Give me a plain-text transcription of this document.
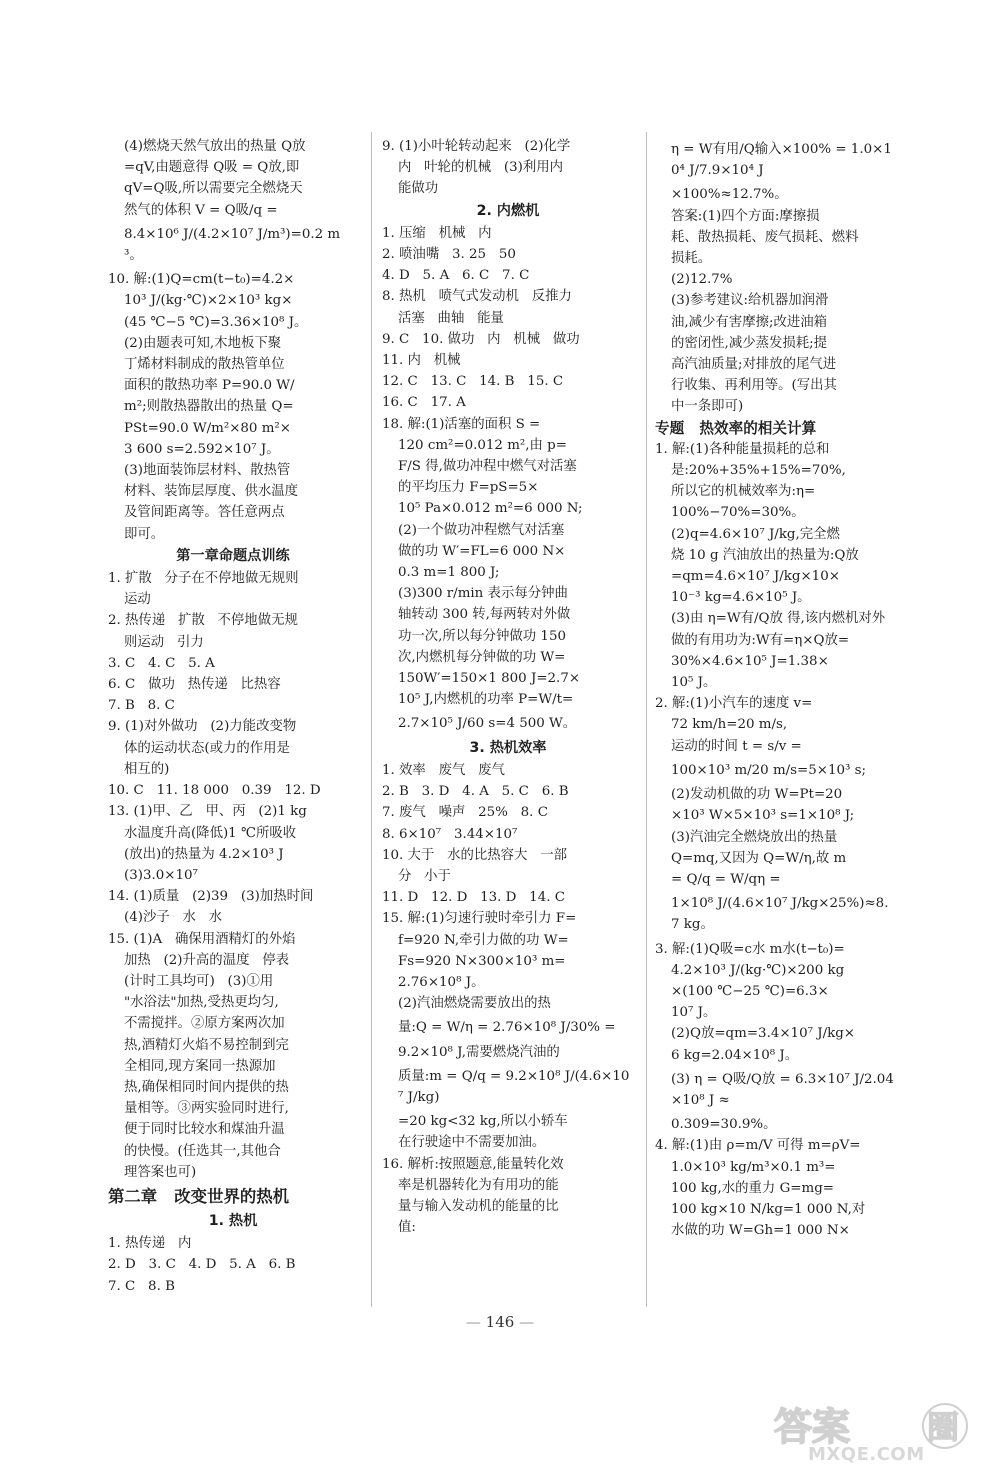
(4)燃烧天然气放出的热量 Q放

=qV,由题意得 Q吸 = Q放,即

qV=Q吸,所以需要完全燃烧天

然气的体积 V = Q吸/q =

8.4×10⁶ J/(4.2×10⁷ J/m³)=0.2 m³。

10. 解:(1)Q=cm(t−t₀)=4.2×

10³ J/(kg·℃)×2×10³ kg×

(45 ℃−5 ℃)=3.36×10⁸ J。

(2)由题表可知,木地板下聚

丁烯材料制成的散热管单位

面积的散热功率 P=90.0 W/

m²;则散热器散出的热量 Q=

PSt=90.0 W/m²×80 m²×

3 600 s=2.592×10⁷ J。

(3)地面装饰层材料、散热管

材料、装饰层厚度、供水温度

及管间距离等。答任意两点

即可。

第一章命题点训练

1. 扩散   分子在不停地做无规则

运动

2. 热传递   扩散   不停地做无规

则运动   引力

3. C   4. C   5. A

6. C   做功   热传递   比热容

7. B   8. C

9. (1)对外做功   (2)力能改变物

体的运动状态(或力的作用是

相互的)

10. C   11. 18 000   0.39   12. D

13. (1)甲、乙   甲、丙   (2)1 kg

水温度升高(降低)1 ℃所吸收

(放出)的热量为 4.2×10³ J

(3)3.0×10⁷

14. (1)质量   (2)39   (3)加热时间

(4)沙子   水   水

15. (1)A   确保用酒精灯的外焰

加热   (2)升高的温度   停表

(计时工具均可)   (3)①用

"水浴法"加热,受热更均匀,

不需搅拌。②原方案两次加

热,酒精灯火焰不易控制到完

全相同,现方案同一热源加

热,确保相同时间内提供的热

量相等。③两实验同时进行,

便于同时比较水和煤油升温

的快慢。(任选其一,其他合

理答案也可)

第二章   改变世界的热机

1. 热机

1. 热传递   内

2. D   3. C   4. D   5. A   6. B

7. C   8. B

9. (1)小叶轮转动起来   (2)化学

内   叶轮的机械   (3)利用内

能做功

2. 内燃机

1. 压缩   机械   内

2. 喷油嘴   3. 25   50

4. D   5. A   6. C   7. C

8. 热机   喷气式发动机   反推力

活塞   曲轴   能量

9. C   10. 做功   内   机械   做功

11. 内   机械

12. C   13. C   14. B   15. C

16. C   17. A

18. 解:(1)活塞的面积 S =

120 cm²=0.012 m²,由 p=

F/S 得,做功冲程中燃气对活塞

的平均压力 F=pS=5×

10⁵ Pa×0.012 m²=6 000 N;

(2)一个做功冲程燃气对活塞

做的功 W′=FL=6 000 N×

0.3 m=1 800 J;

(3)300 r/min 表示每分钟曲

轴转动 300 转,每两转对外做

功一次,所以每分钟做功 150

次,内燃机每分钟做的功 W=

150W′=150×1 800 J=2.7×

10⁵ J,内燃机的功率 P=W/t=

2.7×10⁵ J/60 s=4 500 W。

3. 热机效率

1. 效率   废气   废气

2. B   3. D   4. A   5. C   6. B

7. 废气   噪声   25%   8. C

8. 6×10⁷   3.44×10⁷

10. 大于   水的比热容大   一部

分   小于

11. D   12. D   13. D   14. C

15. 解:(1)匀速行驶时牵引力 F=

f=920 N,牵引力做的功 W=

Fs=920 N×300×10³ m=

2.76×10⁸ J。

(2)汽油燃烧需要放出的热

量:Q = W/η = 2.76×10⁸ J/30% =

9.2×10⁸ J,需要燃烧汽油的

质量:m = Q/q = 9.2×10⁸ J/(4.6×10⁷ J/kg)

=20 kg<32 kg,所以小轿车

在行驶途中不需要加油。

16. 解析:按照题意,能量转化效

率是机器转化为有用功的能

量与输入发动机的能量的比

值:

η = W有用/Q输入×100% = 1.0×10⁴ J/7.9×10⁴ J

×100%≈12.7%。

答案:(1)四个方面:摩擦损

耗、散热损耗、废气损耗、燃料

损耗。

(2)12.7%

(3)参考建议:给机器加润滑

油,减少有害摩擦;改进油箱

的密闭性,减少蒸发损耗;提

高汽油质量;对排放的尾气进

行收集、再利用等。(写出其

中一条即可)

专题   热效率的相关计算

1. 解:(1)各种能量损耗的总和

是:20%+35%+15%=70%,

所以它的机械效率为:η=

100%−70%=30%。

(2)q=4.6×10⁷ J/kg,完全燃

烧 10 g 汽油放出的热量为:Q放

=qm=4.6×10⁷ J/kg×10×

10⁻³ kg=4.6×10⁵ J。

(3)由 η=W有/Q放 得,该内燃机对外

做的有用功为:W有=η×Q放=

30%×4.6×10⁵ J=1.38×

10⁵ J。

2. 解:(1)小汽车的速度 v=

72 km/h=20 m/s,

运动的时间 t = s/v =

100×10³ m/20 m/s=5×10³ s;

(2)发动机做的功 W=Pt=20

×10³ W×5×10³ s=1×10⁸ J;

(3)汽油完全燃烧放出的热量

Q=mq,又因为 Q=W/η,故 m

= Q/q = W/qη =

1×10⁸ J/(4.6×10⁷ J/kg×25%)≈8.7 kg。

3. 解:(1)Q吸=c水 m水(t−t₀)=

4.2×10³ J/(kg·℃)×200 kg

×(100 ℃−25 ℃)=6.3×

10⁷ J。

(2)Q放=qm=3.4×10⁷ J/kg×

6 kg=2.04×10⁸ J。

(3) η = Q吸/Q放 = 6.3×10⁷ J/2.04×10⁸ J ≈

0.309=30.9%。

4. 解:(1)由 ρ=m/V 可得 m=ρV=

1.0×10³ kg/m³×0.1 m³=

100 kg,水的重力 G=mg=

100 kg×10 N/kg=1 000 N,对

水做的功 W=Gh=1 000 N×

— 146 —
答案 圈
MXQE.COM
